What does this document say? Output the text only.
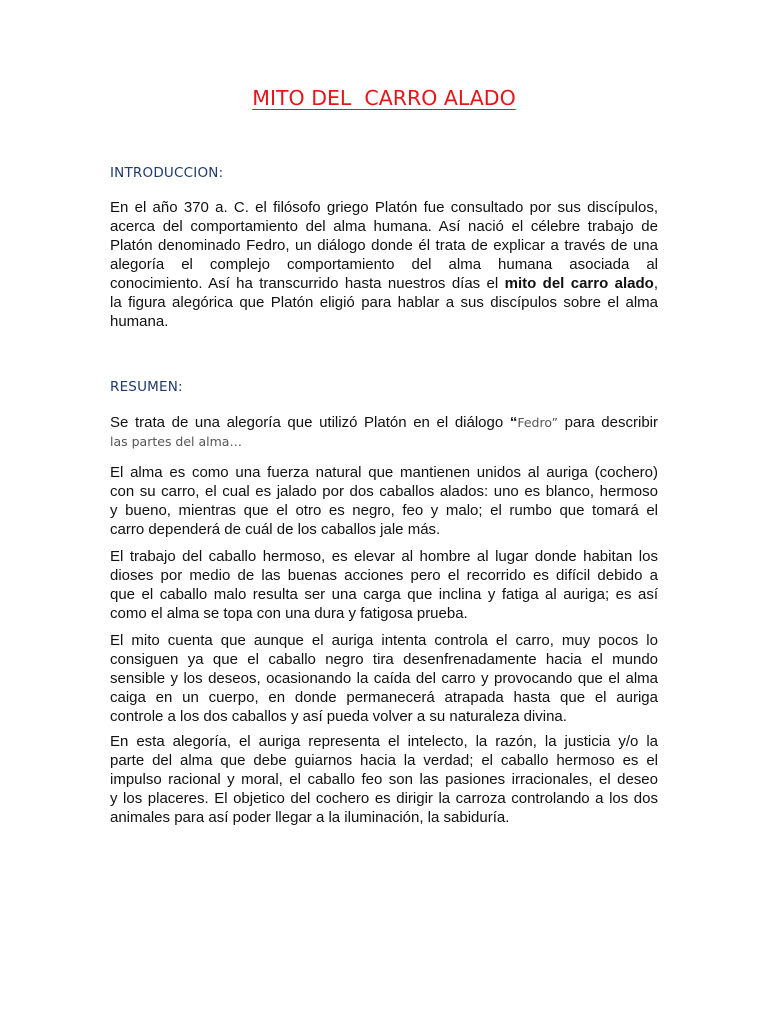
MITO DEL  CARRO ALADO
INTRODUCCION:
En el año 370 a. C. el filósofo griego Platón fue consultado por sus discípulos,
acerca del comportamiento del alma humana. Así nació el célebre trabajo de
Platón denominado Fedro, un diálogo donde él trata de explicar a través de una
alegoría el complejo comportamiento del alma humana asociada al
conocimiento. Así ha transcurrido hasta nuestros días el mito del carro alado,
la figura alegórica que Platón eligió para hablar a sus discípulos sobre el alma
humana.
RESUMEN:
Se trata de una alegoría que utilizó Platón en el diálogo “Fedro” para describir
las partes del alma…
El alma es como una fuerza natural que mantienen unidos al auriga (cochero)
con su carro, el cual es jalado por dos caballos alados: uno es blanco, hermoso
y bueno, mientras que el otro es negro, feo y malo; el rumbo que tomará el
carro dependerá de cuál de los caballos jale más.
El trabajo del caballo hermoso, es elevar al hombre al lugar donde habitan los
dioses por medio de las buenas acciones pero el recorrido es difícil debido a
que el caballo malo resulta ser una carga que inclina y fatiga al auriga; es así
como el alma se topa con una dura y fatigosa prueba.
El mito cuenta que aunque el auriga intenta controla el carro, muy pocos lo
consiguen ya que el caballo negro tira desenfrenadamente hacia el mundo
sensible y los deseos, ocasionando la caída del carro y provocando que el alma
caiga en un cuerpo, en donde permanecerá atrapada hasta que el auriga
controle a los dos caballos y así pueda volver a su naturaleza divina.
En esta alegoría, el auriga representa el intelecto, la razón, la justicia y/o la
parte del alma que debe guiarnos hacia la verdad; el caballo hermoso es el
impulso racional y moral, el caballo feo son las pasiones irracionales, el deseo
y los placeres. El objetico del cochero es dirigir la carroza controlando a los dos
animales para así poder llegar a la iluminación, la sabiduría.
